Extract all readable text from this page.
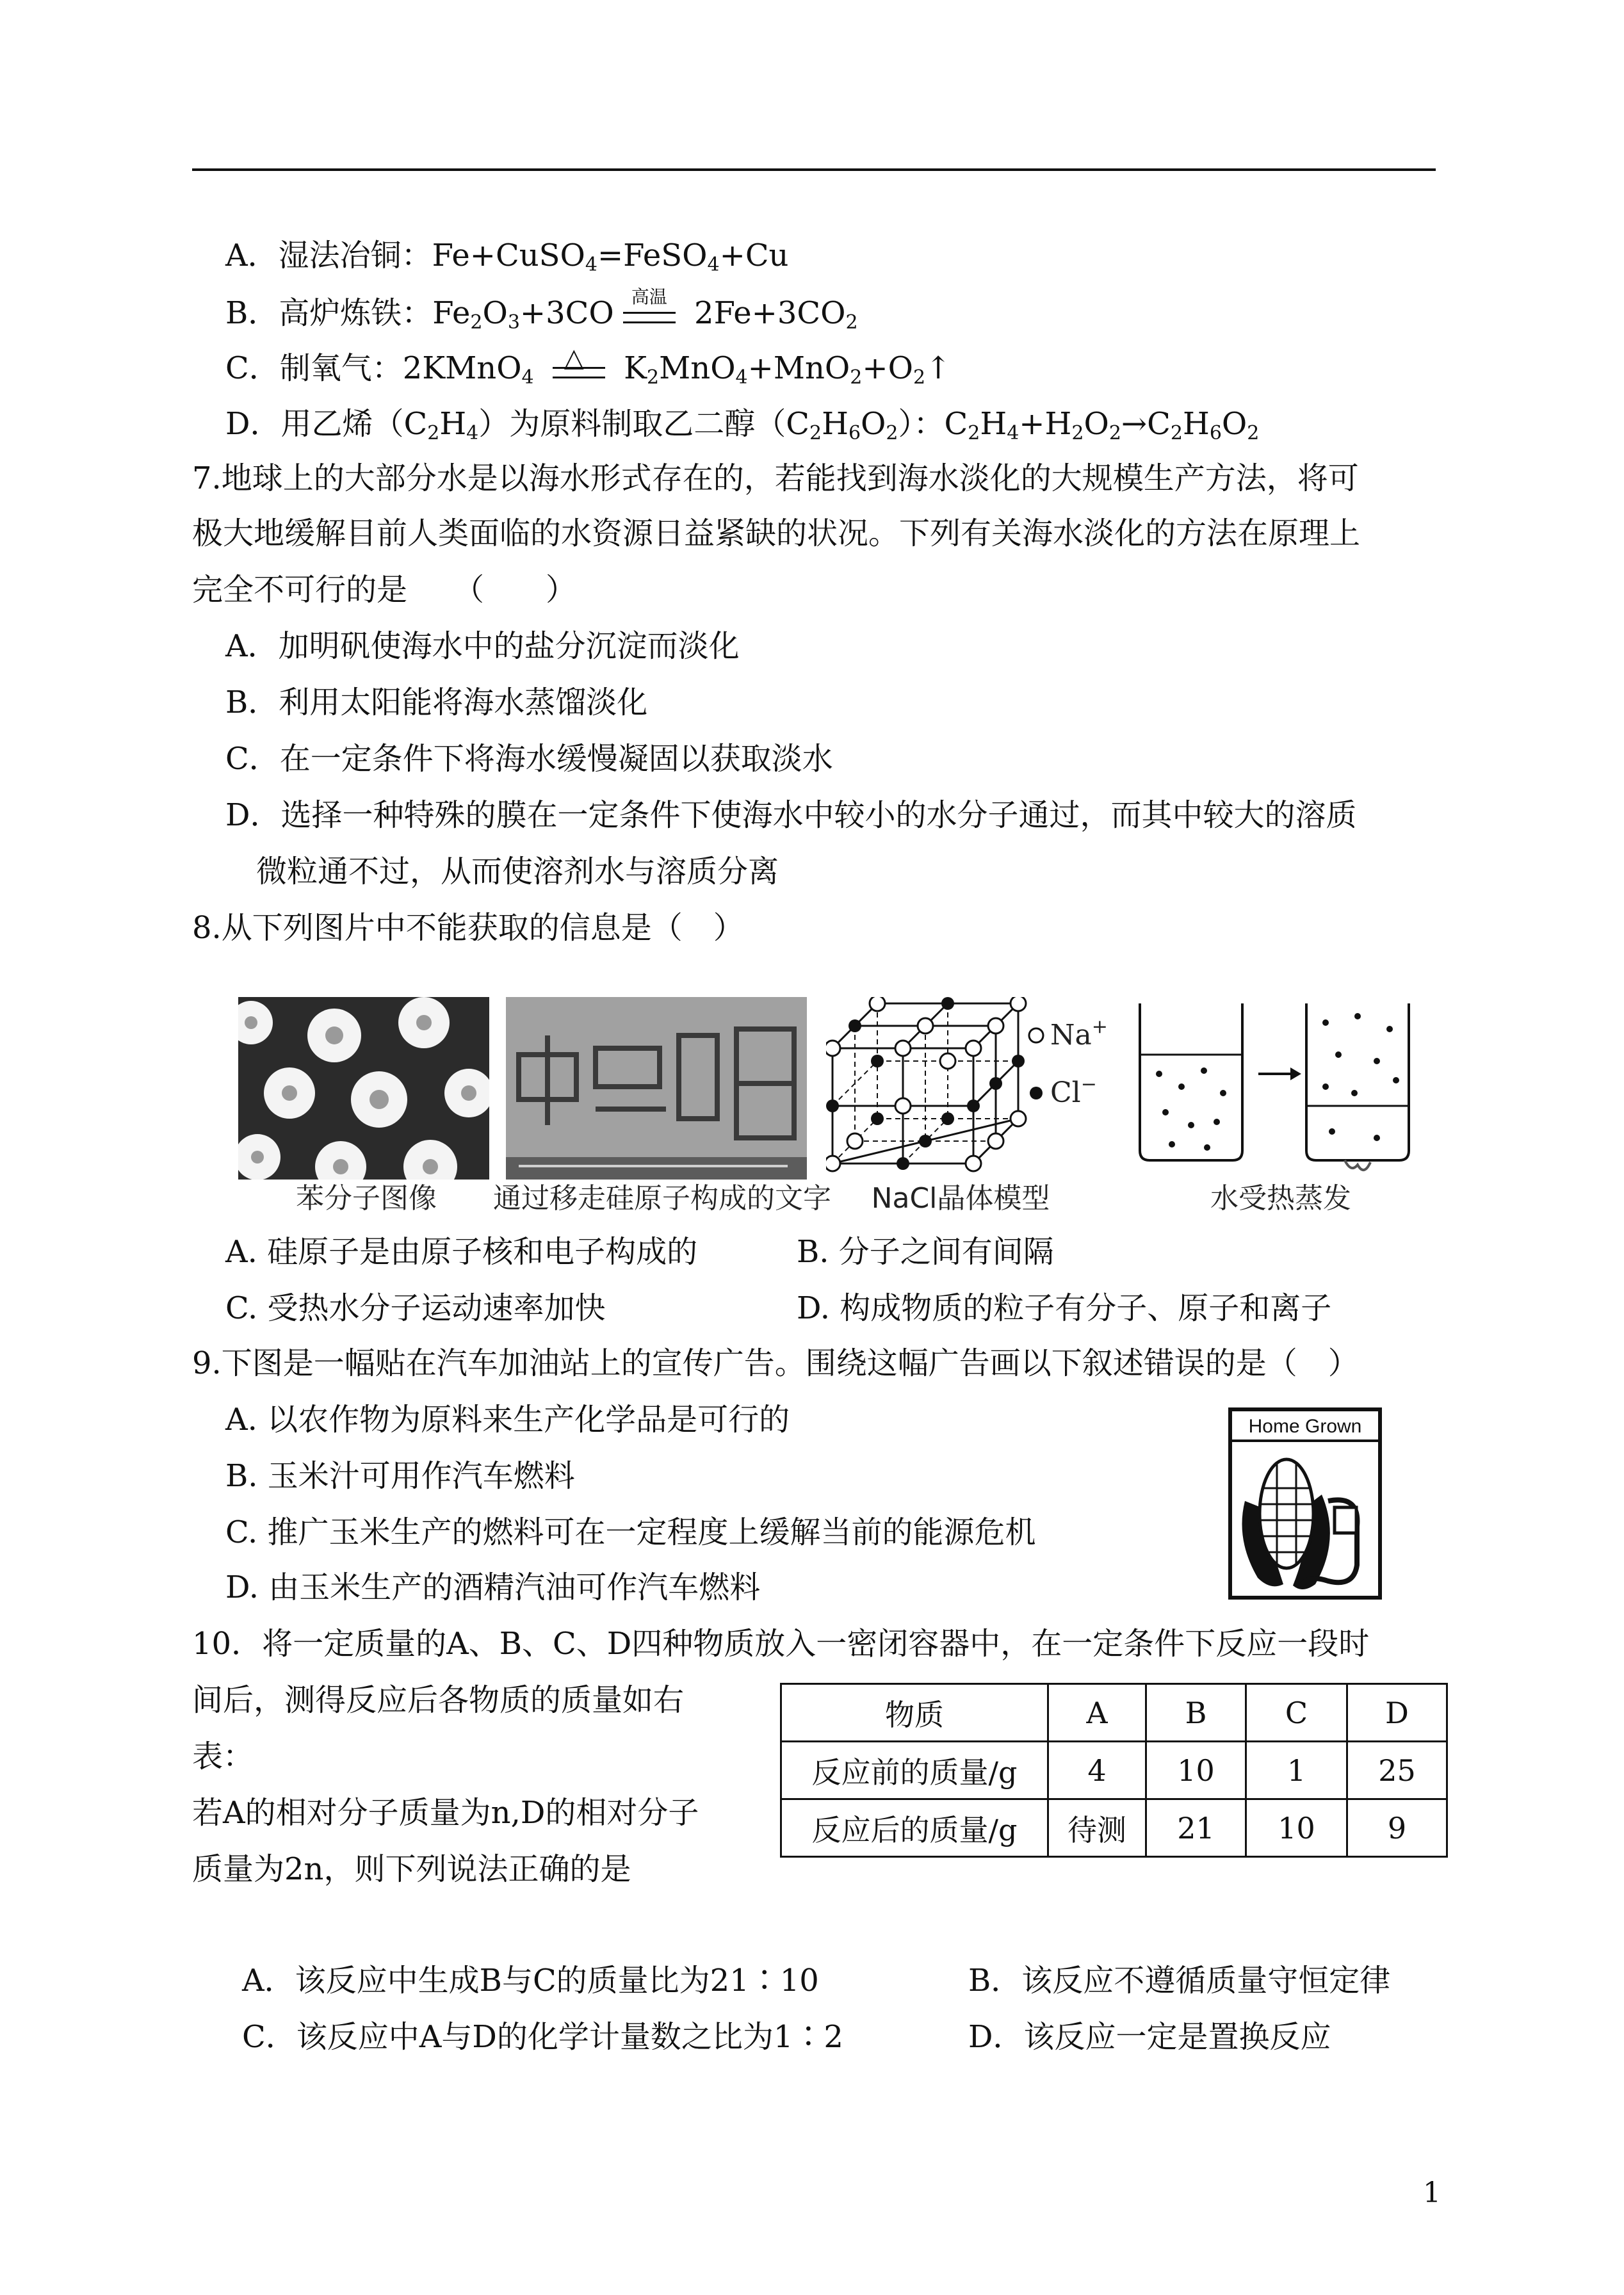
A．湿法冶铜：Fe+CuSO$_4$=FeSO$_4$+Cu
B．高炉炼铁：$Fe_2O_3+3CO$ 高温 $2Fe+3CO_2$
C．制氧气：2KMnO$_4$
△ $K_2MnO_4+MnO_2+O_2↑$
D．用乙烯$(C_2H_4)$为原料制取乙二醇$(C_2H_6O_2)$：$C_2H_4+H_2O_2\to C_2H_6O_2$
7.地球上的大部分水是以海水形式存在的，若能找到海水淡化的大规模生产方法，将可
极大地缓解目前人类面临的水资源日益紧缺的状况。下列有关海水淡化的方法在原理上
完全不可行的是　　（　　）
A．加明矾使海水中的盐分沉淀而淡化
B．利用太阳能将海水蒸馏淡化
C．在一定条件下将海水缓慢凝固以获取淡水
D．选择一种特殊的膜在一定条件下使海水中较小的水分子通过，而其中较大的溶质
微粒通不过，从而使溶剂水与溶质分离
8.从下列图片中不能获取的信息是（　）
苯分子图像	通过移走硅原子构成的文字
Na+
Cl−
NaCl晶体模型	水受热蒸发
A. 硅原子是由原子核和电子构成的	B. 分子之间有间隔
C. 受热水分子运动速率加快	D. 构成物质的粒子有分子、原子和离子
9.下图是一幅贴在汽车加油站上的宣传广告。围绕这幅广告画以下叙述错误的是（　）
A. 以农作物为原料来生产化学品是可行的
B. 玉米汁可用作汽车燃料
C. 推广玉米生产的燃料可在一定程度上缓解当前的能源危机
D. 由玉米生产的酒精汽油可作汽车燃料
Home Grown
10．将一定质量的A、B、C、D四种物质放入一密闭容器中，在一定条件下反应一段时
间后，测得反应后各物质的质量如右
表：
若A的相对分子质量为n,D的相对分子
质量为2n，则下列说法正确的是
物质	A	B	C	D
反应前的质量/g	4	10	1	25
反应后的质量/g	待测	21	10	9
A．该反应中生成B与C的质量比为21∶10	B．该反应不遵循质量守恒定律
C．该反应中A与D的化学计量数之比为1∶2	D．该反应一定是置换反应
1
